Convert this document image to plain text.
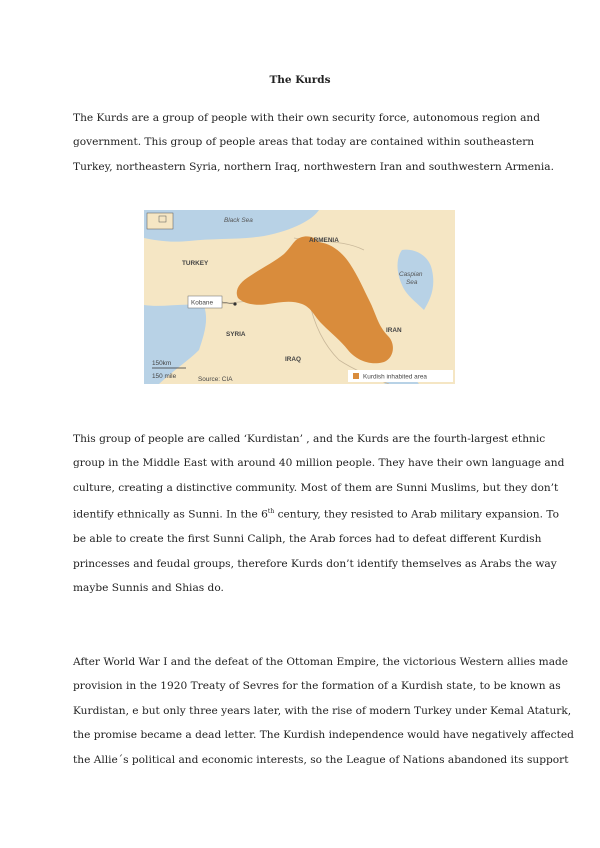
The Kurds
The Kurds are a group of people with their own security force, autonomous region and
government. This group of people areas that today are contained within southeastern
Turkey, northeastern Syria, northern Iraq, northwestern Iran and southwestern Armenia.
Black Sea
Caspian
Sea
ARMENIA
TURKEY
SYRIA
IRAQ
IRAN
Kobane
150km
150 mile	Source: CIA	Kurdish inhabited area
This group of people are called ‘Kurdistan’ , and the Kurds are the fourth-largest ethnic
group in the Middle East with around 40 million people. They have their own language and
culture, creating a distinctive community. Most of them are Sunni Muslims, but they don’t
identify ethnically as Sunni. In the 6th century, they resisted to Arab military expansion. To
be able to create the first Sunni Caliph, the Arab forces had to defeat different Kurdish
princesses and feudal groups, therefore Kurds don’t identify themselves as Arabs the way
maybe Sunnis and Shias do.
After World War I and the defeat of the Ottoman Empire, the victorious Western allies made
provision in the 1920 Treaty of Sevres for the formation of a Kurdish state, to be known as
Kurdistan, e but only three years later, with the rise of modern Turkey under Kemal Ataturk,
the promise became a dead letter. The Kurdish independence would have negatively affected
the Allie´s political and economic interests, so the League of Nations abandoned its support
